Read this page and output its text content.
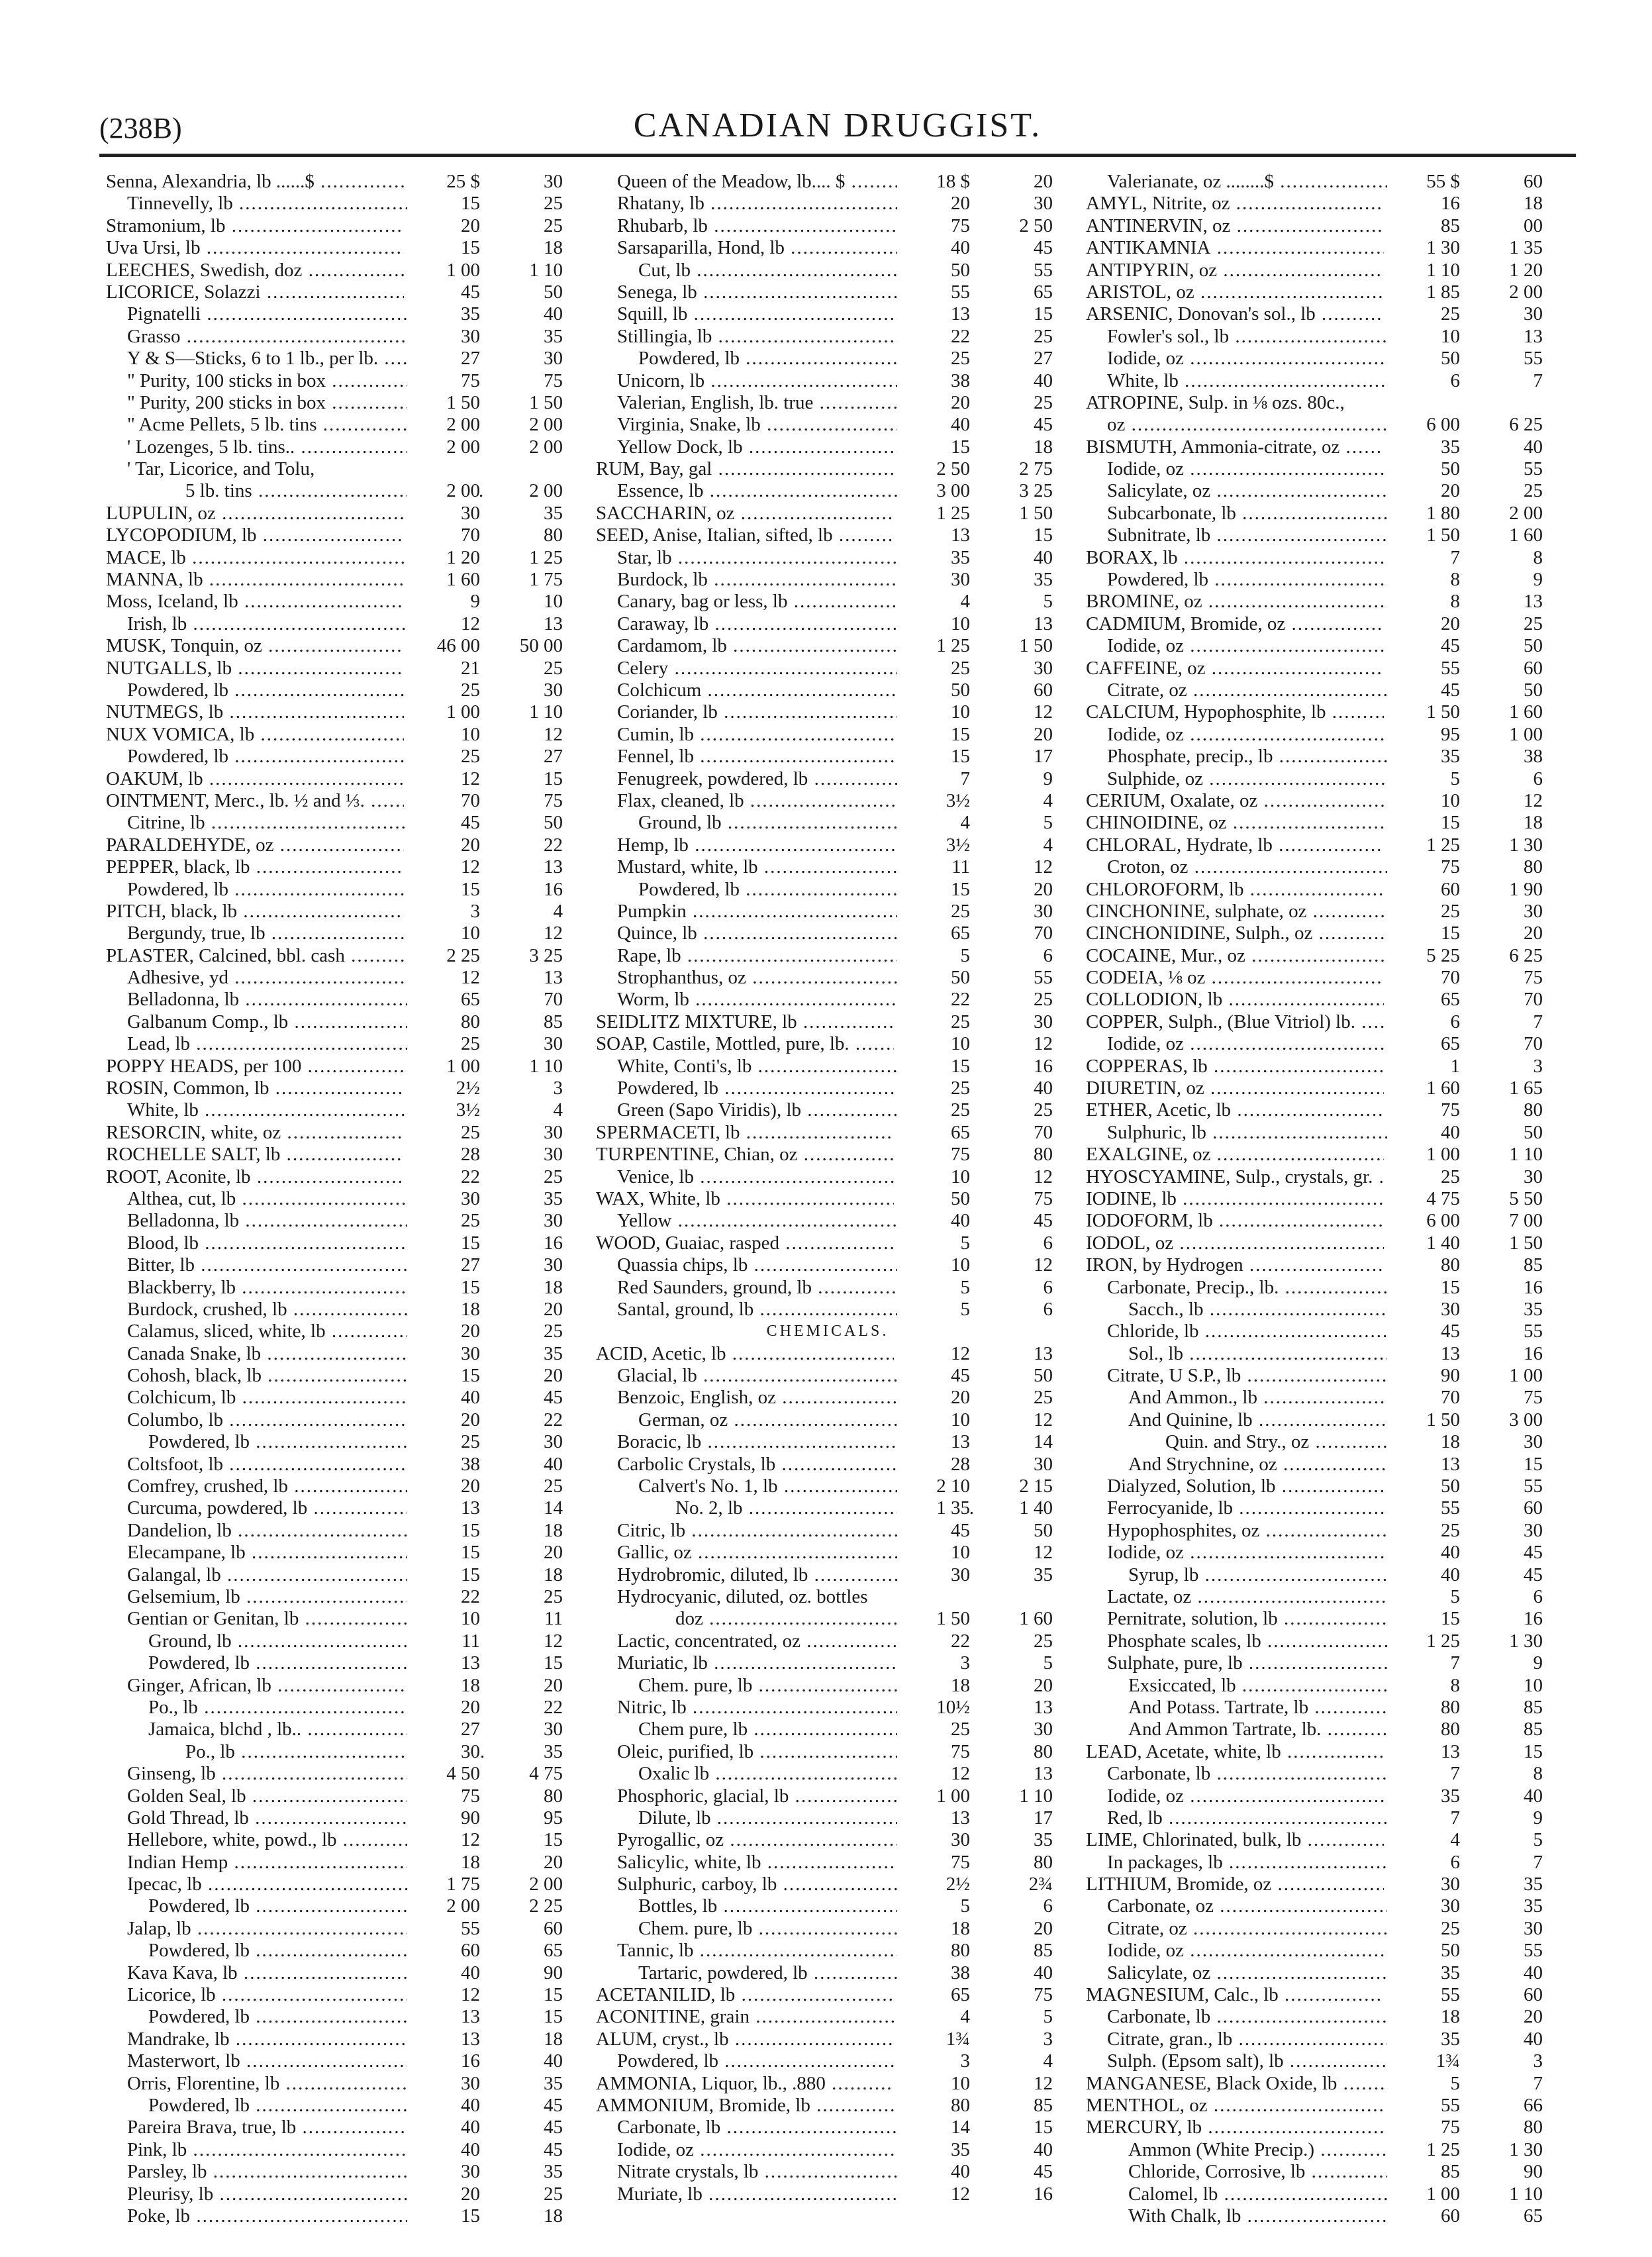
(238B)	CANADIAN DRUGGIST.
Senna, Alexandria, lb ......$ .....	25 $	30
Tinnevelly, lb .....	15	25
Stramonium, lb .....	20	25
Uva Ursi, lb .....	15	18
LEECHES, Swedish, doz .....	1 00	1 10
LICORICE, Solazzi .....	45	50
Pignatelli .....	35	40
Grasso .....	30	35
Y & S—Sticks, 6 to 1 lb., per lb. .....	27	30
" Purity, 100 sticks in box .....	75	75
" Purity, 200 sticks in box .....	1 50	1 50
" Acme Pellets, 5 lb. tins .....	2 00	2 00
' Lozenges, 5 lb. tins.. .....	2 00	2 00
' Tar, Licorice, and Tolu,
5 lb. tins .....	2 00	2 00
LUPULIN, oz .....	30	35
LYCOPODIUM, lb .....	70	80
MACE, lb .....	1 20	1 25
MANNA, lb .....	1 60	1 75
Moss, Iceland, lb .....	9	10
Irish, lb .....	12	13
MUSK, Tonquin, oz .....	46 00	50 00
NUTGALLS, lb .....	21	25
Powdered, lb .....	25	30
NUTMEGS, lb .....	1 00	1 10
NUX VOMICA, lb .....	10	12
Powdered, lb .....	25	27
OAKUM, lb .....	12	15
OINTMENT, Merc., lb. ½ and ⅓. .....	70	75
Citrine, lb .....	45	50
PARALDEHYDE, oz .....	20	22
PEPPER, black, lb .....	12	13
Powdered, lb .....	15	16
PITCH, black, lb .....	3	4
Bergundy, true, lb .....	10	12
PLASTER, Calcined, bbl. cash .....	2 25	3 25
Adhesive, yd .....	12	13
Belladonna, lb .....	65	70
Galbanum Comp., lb .....	80	85
Lead, lb .....	25	30
POPPY HEADS, per 100 .....	1 00	1 10
ROSIN, Common, lb .....	2½	3
White, lb .....	3½	4
RESORCIN, white, oz .....	25	30
ROCHELLE SALT, lb .....	28	30
ROOT, Aconite, lb .....	22	25
Althea, cut, lb .....	30	35
Belladonna, lb .....	25	30
Blood, lb .....	15	16
Bitter, lb .....	27	30
Blackberry, lb .....	15	18
Burdock, crushed, lb .....	18	20
Calamus, sliced, white, lb .....	20	25
Canada Snake, lb .....	30	35
Cohosh, black, lb .....	15	20
Colchicum, lb .....	40	45
Columbo, lb .....	20	22
Powdered, lb .....	25	30
Coltsfoot, lb .....	38	40
Comfrey, crushed, lb .....	20	25
Curcuma, powdered, lb .....	13	14
Dandelion, lb .....	15	18
Elecampane, lb .....	15	20
Galangal, lb .....	15	18
Gelsemium, lb .....	22	25
Gentian or Genitan, lb .....	10	11
Ground, lb .....	11	12
Powdered, lb .....	13	15
Ginger, African, lb .....	18	20
Po., lb .....	20	22
Jamaica, blchd , lb.. .....	27	30
Po., lb .....	30	35
Ginseng, lb .....	4 50	4 75
Golden Seal, lb .....	75	80
Gold Thread, lb .....	90	95
Hellebore, white, powd., lb .....	12	15
Indian Hemp .....	18	20
Ipecac, lb .....	1 75	2 00
Powdered, lb .....	2 00	2 25
Jalap, lb .....	55	60
Powdered, lb .....	60	65
Kava Kava, lb .....	40	90
Licorice, lb .....	12	15
Powdered, lb .....	13	15
Mandrake, lb .....	13	18
Masterwort, lb .....	16	40
Orris, Florentine, lb .....	30	35
Powdered, lb .....	40	45
Pareira Brava, true, lb .....	40	45
Pink, lb .....	40	45
Parsley, lb .....	30	35
Pleurisy, lb .....	20	25
Poke, lb .....	15	18
Queen of the Meadow, lb.... $ .....	18 $	20
Rhatany, lb .....	20	30
Rhubarb, lb .....	75	2 50
Sarsaparilla, Hond, lb .....	40	45
Cut, lb .....	50	55
Senega, lb .....	55	65
Squill, lb .....	13	15
Stillingia, lb .....	22	25
Powdered, lb .....	25	27
Unicorn, lb .....	38	40
Valerian, English, lb. true .....	20	25
Virginia, Snake, lb .....	40	45
Yellow Dock, lb .....	15	18
RUM, Bay, gal .....	2 50	2 75
Essence, lb .....	3 00	3 25
SACCHARIN, oz .....	1 25	1 50
SEED, Anise, Italian, sifted, lb .....	13	15
Star, lb .....	35	40
Burdock, lb .....	30	35
Canary, bag or less, lb .....	4	5
Caraway, lb .....	10	13
Cardamom, lb .....	1 25	1 50
Celery .....	25	30
Colchicum .....	50	60
Coriander, lb .....	10	12
Cumin, lb .....	15	20
Fennel, lb .....	15	17
Fenugreek, powdered, lb .....	7	9
Flax, cleaned, lb .....	3½	4
Ground, lb .....	4	5
Hemp, lb .....	3½	4
Mustard, white, lb .....	11	12
Powdered, lb .....	15	20
Pumpkin .....	25	30
Quince, lb .....	65	70
Rape, lb .....	5	6
Strophanthus, oz .....	50	55
Worm, lb .....	22	25
SEIDLITZ MIXTURE, lb .....	25	30
SOAP, Castile, Mottled, pure, lb. .....	10	12
White, Conti's, lb .....	15	16
Powdered, lb .....	25	40
Green (Sapo Viridis), lb .....	25	25
SPERMACETI, lb .....	65	70
TURPENTINE, Chian, oz .....	75	80
Venice, lb .....	10	12
WAX, White, lb .....	50	75
Yellow .....	40	45
WOOD, Guaiac, rasped .....	5	6
Quassia chips, lb .....	10	12
Red Saunders, ground, lb .....	5	6
Santal, ground, lb .....	5	6
CHEMICALS.
ACID, Acetic, lb .....	12	13
Glacial, lb .....	45	50
Benzoic, English, oz .....	20	25
German, oz .....	10	12
Boracic, lb .....	13	14
Carbolic Crystals, lb .....	28	30
Calvert's No. 1, lb .....	2 10	2 15
No. 2, lb .....	1 35	1 40
Citric, lb .....	45	50
Gallic, oz .....	10	12
Hydrobromic, diluted, lb .....	30	35
Hydrocyanic, diluted, oz. bottles
doz .....	1 50	1 60
Lactic, concentrated, oz .....	22	25
Muriatic, lb .....	3	5
Chem. pure, lb .....	18	20
Nitric, lb .....	10½	13
Chem pure, lb .....	25	30
Oleic, purified, lb .....	75	80
Oxalic lb .....	12	13
Phosphoric, glacial, lb .....	1 00	1 10
Dilute, lb .....	13	17
Pyrogallic, oz .....	30	35
Salicylic, white, lb .....	75	80
Sulphuric, carboy, lb .....	2½	2¾
Bottles, lb .....	5	6
Chem. pure, lb .....	18	20
Tannic, lb .....	80	85
Tartaric, powdered, lb .....	38	40
ACETANILID, lb .....	65	75
ACONITINE, grain .....	4	5
ALUM, cryst., lb .....	1¾	3
Powdered, lb .....	3	4
AMMONIA, Liquor, lb., .880 .....	10	12
AMMONIUM, Bromide, lb .....	80	85
Carbonate, lb .....	14	15
Iodide, oz .....	35	40
Nitrate crystals, lb .....	40	45
Muriate, lb .....	12	16
Valerianate, oz ........$ .....	55 $	60
AMYL, Nitrite, oz .....	16	18
ANTINERVIN, oz .....	85	00
ANTIKAMNIA .....	1 30	1 35
ANTIPYRIN, oz .....	1 10	1 20
ARISTOL, oz .....	1 85	2 00
ARSENIC, Donovan's sol., lb .....	25	30
Fowler's sol., lb .....	10	13
Iodide, oz .....	50	55
White, lb .....	6	7
ATROPINE, Sulp. in ⅛ ozs. 80c.,
oz .....	6 00	6 25
BISMUTH, Ammonia-citrate, oz .....	35	40
Iodide, oz .....	50	55
Salicylate, oz .....	20	25
Subcarbonate, lb .....	1 80	2 00
Subnitrate, lb .....	1 50	1 60
BORAX, lb .....	7	8
Powdered, lb .....	8	9
BROMINE, oz .....	8	13
CADMIUM, Bromide, oz .....	20	25
Iodide, oz .....	45	50
CAFFEINE, oz .....	55	60
Citrate, oz .....	45	50
CALCIUM, Hypophosphite, lb .....	1 50	1 60
Iodide, oz .....	95	1 00
Phosphate, precip., lb .....	35	38
Sulphide, oz .....	5	6
CERIUM, Oxalate, oz .....	10	12
CHINOIDINE, oz .....	15	18
CHLORAL, Hydrate, lb .....	1 25	1 30
Croton, oz .....	75	80
CHLOROFORM, lb .....	60	1 90
CINCHONINE, sulphate, oz .....	25	30
CINCHONIDINE, Sulph., oz .....	15	20
COCAINE, Mur., oz .....	5 25	6 25
CODEIA, ⅛ oz .....	70	75
COLLODION, lb .....	65	70
COPPER, Sulph., (Blue Vitriol) lb. .....	6	7
Iodide, oz .....	65	70
COPPERAS, lb .....	1	3
DIURETIN, oz .....	1 60	1 65
ETHER, Acetic, lb .....	75	80
Sulphuric, lb .....	40	50
EXALGINE, oz .....	1 00	1 10
HYOSCYAMINE, Sulp., crystals, gr. .....	25	30
IODINE, lb .....	4 75	5 50
IODOFORM, lb .....	6 00	7 00
IODOL, oz .....	1 40	1 50
IRON, by Hydrogen .....	80	85
Carbonate, Precip., lb. .....	15	16
Sacch., lb .....	30	35
Chloride, lb .....	45	55
Sol., lb .....	13	16
Citrate, U S.P., lb .....	90	1 00
And Ammon., lb .....	70	75
And Quinine, lb .....	1 50	3 00
Quin. and Stry., oz .....	18	30
And Strychnine, oz .....	13	15
Dialyzed, Solution, lb .....	50	55
Ferrocyanide, lb .....	55	60
Hypophosphites, oz .....	25	30
Iodide, oz .....	40	45
Syrup, lb .....	40	45
Lactate, oz .....	5	6
Pernitrate, solution, lb .....	15	16
Phosphate scales, lb .....	1 25	1 30
Sulphate, pure, lb .....	7	9
Exsiccated, lb .....	8	10
And Potass. Tartrate, lb .....	80	85
And Ammon Tartrate, lb. .....	80	85
LEAD, Acetate, white, lb .....	13	15
Carbonate, lb .....	7	8
Iodide, oz .....	35	40
Red, lb .....	7	9
LIME, Chlorinated, bulk, lb .....	4	5
In packages, lb .....	6	7
LITHIUM, Bromide, oz .....	30	35
Carbonate, oz .....	30	35
Citrate, oz .....	25	30
Iodide, oz .....	50	55
Salicylate, oz .....	35	40
MAGNESIUM, Calc., lb .....	55	60
Carbonate, lb .....	18	20
Citrate, gran., lb .....	35	40
Sulph. (Epsom salt), lb .....	1¾	3
MANGANESE, Black Oxide, lb .....	5	7
MENTHOL, oz .....	55	66
MERCURY, lb .....	75	80
Ammon (White Precip.) .....	1 25	1 30
Chloride, Corrosive, lb .....	85	90
Calomel, lb .....	1 00	1 10
With Chalk, lb .....	60	65
